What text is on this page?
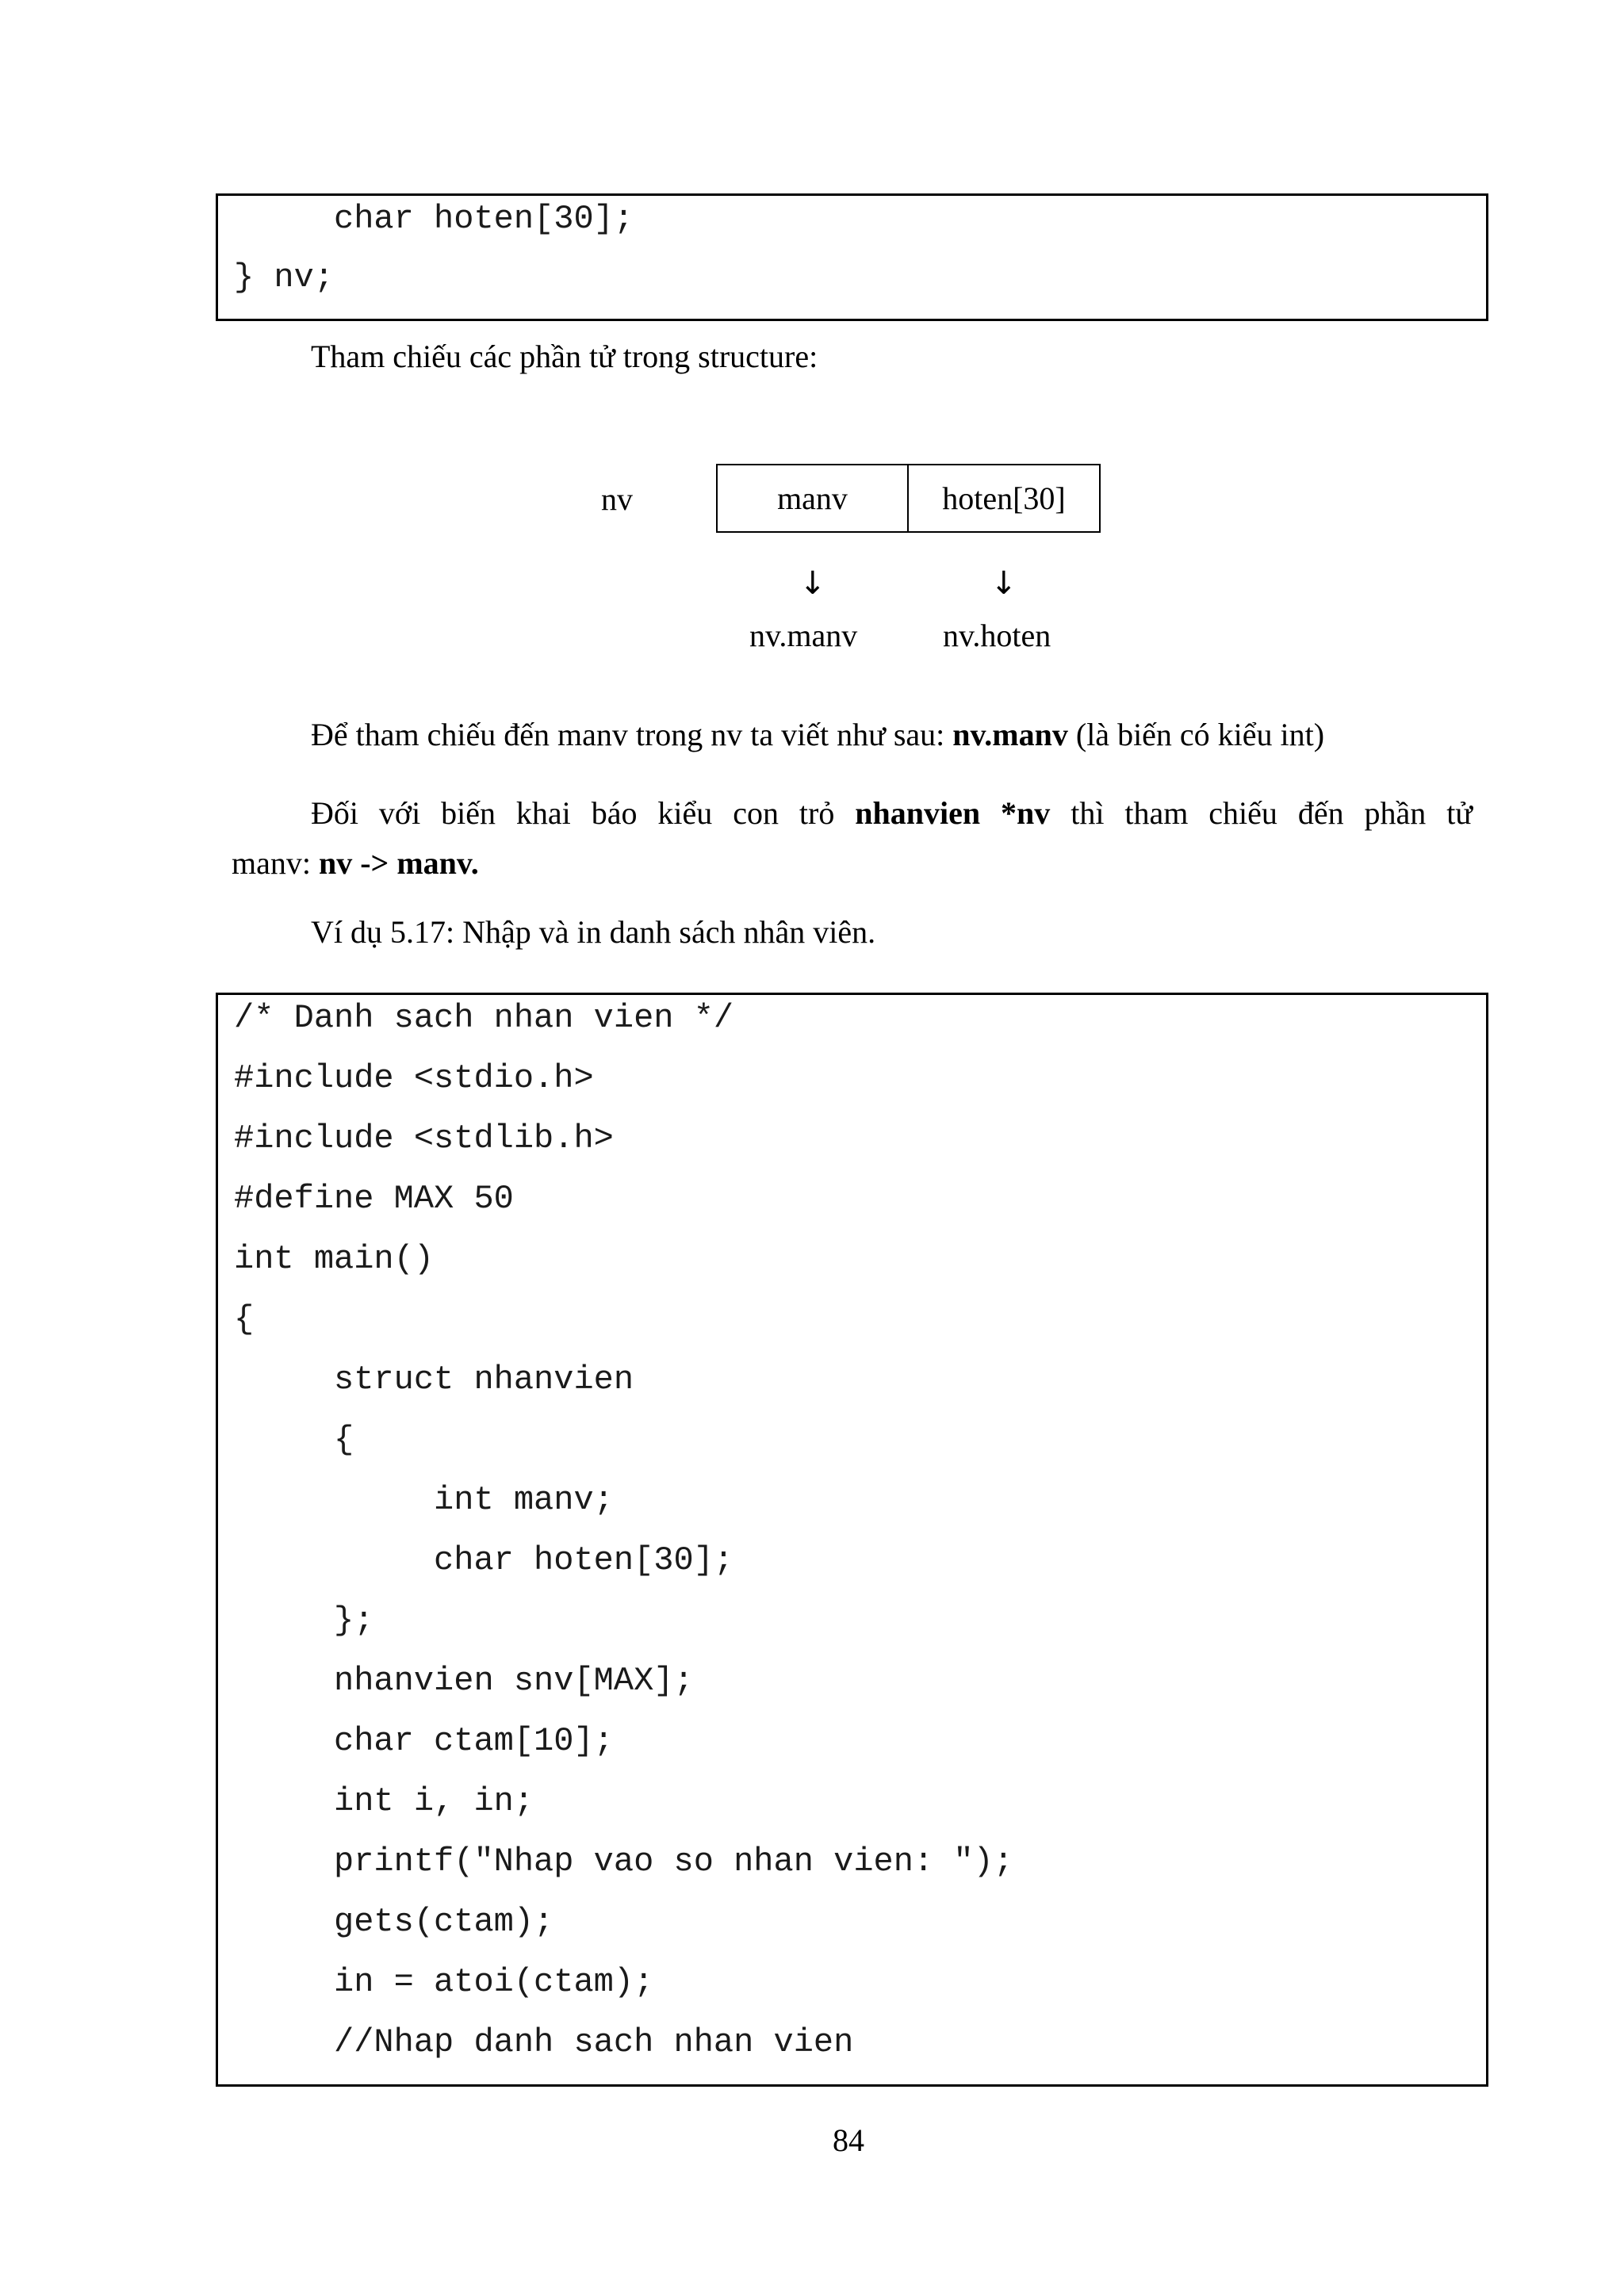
char hoten[30];
} nv;
Tham chiếu các phần tử trong structure:
nv	manv	hoten[30]
↓	↓
nv.manv	nv.hoten
Để tham chiếu đến manv trong nv ta viết như sau: nv.manv (là biến có kiểu int)
Đối với biến khai báo kiểu con trỏ nhanvien *nv thì tham chiếu đến phần tử
manv: nv -> manv.
Ví dụ 5.17: Nhập và in danh sách nhân viên.
/* Danh sach nhan vien */
#include <stdio.h>
#include <stdlib.h>
#define MAX 50
int main()
{
struct nhanvien
{
int manv;
char hoten[30];
};
nhanvien snv[MAX];
char ctam[10];
int i, in;
printf("Nhap vao so nhan vien: ");
gets(ctam);
in = atoi(ctam);
//Nhap danh sach nhan vien
84
